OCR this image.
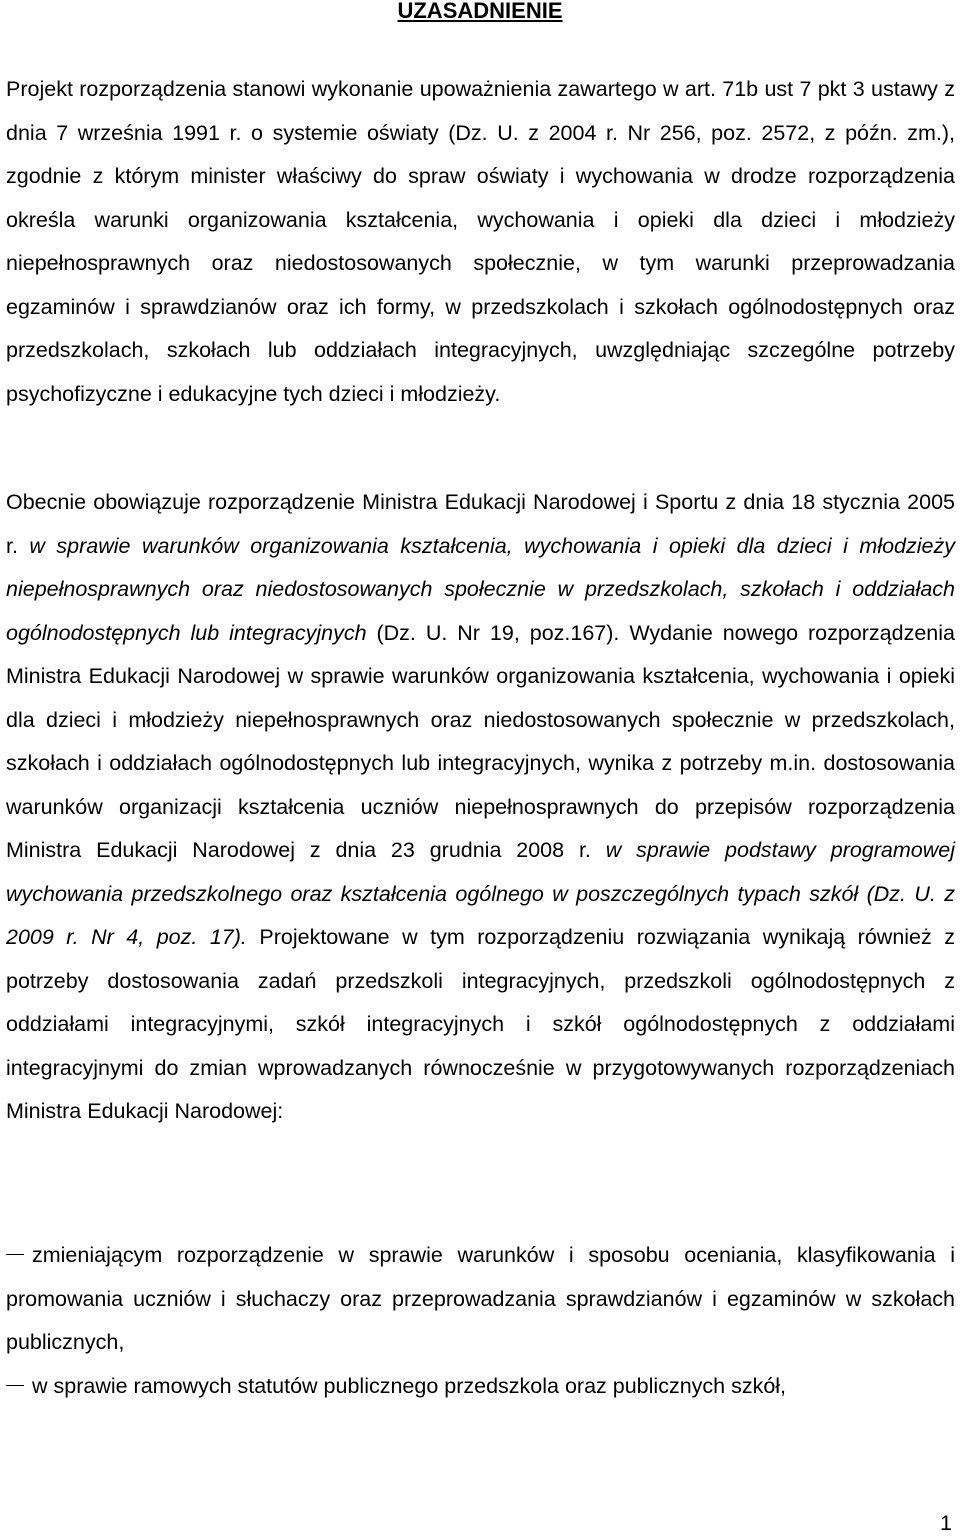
UZASADNIENIE

Projekt rozporządzenia stanowi wykonanie upoważnienia zawartego w art. 71b ust 7 pkt 3 ustawy z dnia 7 września 1991 r. o systemie oświaty (Dz. U. z 2004 r. Nr 256, poz. 2572, z późn. zm.), zgodnie z którym minister właściwy do spraw oświaty i wychowania w drodze rozporządzenia określa warunki organizowania kształcenia, wychowania i opieki dla dzieci i młodzieży niepełnosprawnych oraz niedostosowanych społecznie, w tym warunki przeprowadzania egzaminów i sprawdzianów oraz ich formy, w przedszkolach i szkołach ogólnodostępnych oraz przedszkolach, szkołach lub oddziałach integracyjnych, uwzględniając szczególne potrzeby psychofizyczne i edukacyjne tych dzieci i młodzieży.

Obecnie obowiązuje rozporządzenie Ministra Edukacji Narodowej i Sportu z dnia 18 stycznia 2005 r. w sprawie warunków organizowania kształcenia, wychowania i opieki dla dzieci i młodzieży niepełnosprawnych oraz niedostosowanych społecznie w przedszkolach, szkołach i oddziałach ogólnodostępnych lub integracyjnych (Dz. U. Nr 19, poz.167). Wydanie nowego rozporządzenia Ministra Edukacji Narodowej w sprawie warunków organizowania kształcenia, wychowania i opieki dla dzieci i młodzieży niepełnosprawnych oraz niedostosowanych społecznie w przedszkolach, szkołach i oddziałach ogólnodostępnych lub integracyjnych, wynika z potrzeby m.in. dostosowania warunków organizacji kształcenia uczniów niepełnosprawnych do przepisów rozporządzenia Ministra Edukacji Narodowej z dnia 23 grudnia 2008 r. w sprawie podstawy programowej wychowania przedszkolnego oraz kształcenia ogólnego w poszczególnych typach szkół (Dz. U. z 2009 r. Nr 4, poz. 17). Projektowane w tym rozporządzeniu rozwiązania wynikają również z potrzeby dostosowania zadań przedszkoli integracyjnych, przedszkoli ogólnodostępnych z oddziałami integracyjnymi, szkół integracyjnych i szkół ogólnodostępnych z oddziałami integracyjnymi do zmian wprowadzanych równocześnie w przygotowywanych rozporządzeniach Ministra Edukacji Narodowej:

zmieniającym rozporządzenie w sprawie warunków i sposobu oceniania, klasyfikowania i promowania uczniów i słuchaczy oraz przeprowadzania sprawdzianów i egzaminów w szkołach publicznych,
w sprawie ramowych statutów publicznego przedszkola oraz publicznych szkół,
1
